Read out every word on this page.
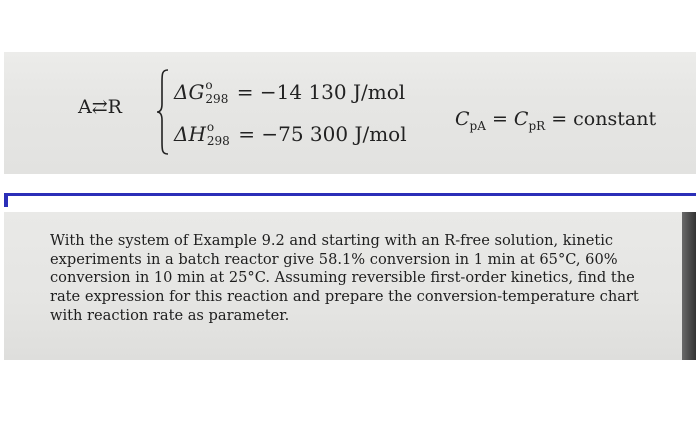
A⇄R
ΔG o
298 = −14 130 J/mol
ΔH o
298 = −75 300 J/mol
$C_{pA} = C_{pR}$ = constant
With the system of Example 9.2 and starting with an R-free solution, kinetic
experiments in a batch reactor give 58.1% conversion in 1 min at 65°C, 60%
conversion in 10 min at 25°C. Assuming reversible first-order kinetics, find the
rate expression for this reaction and prepare the conversion-temperature chart
with reaction rate as parameter.
